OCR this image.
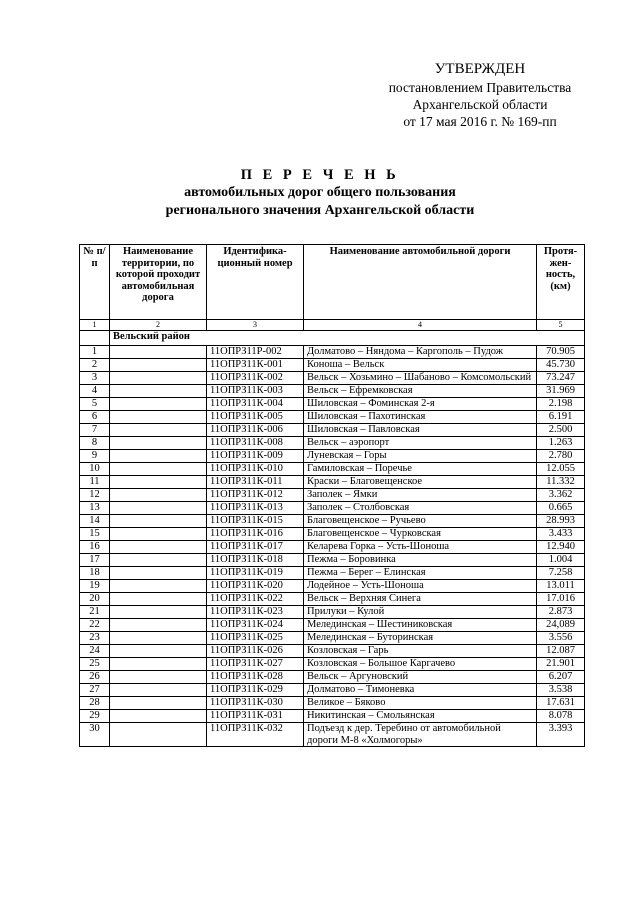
УТВЕРЖДЕН
постановлением Правительства
Архангельской области
от 17 мая 2016 г. № 169-пп
П Е Р Е Ч Е Н Ь
автомобильных дорог общего пользования
регионального значения Архангельской области
№ п/п	Наименование территории, по которой проходит автомобильная дорога	Идентифика-ционный номер	Наименование автомобильной дороги	Протя-жен-ность, (км)
1	2	3	4	5
	Вельский район			
1		11ОПРЗ11Р-002	Долматово – Няндома – Каргополь – Пудож	70.905
2		11ОПРЗ11К-001	Коноша – Вельск	45.730
3		11ОПРЗ11К-002	Вельск – Хозьмино – Шабаново – Комсомольский	73.247
4		11ОПРЗ11К-003	Вельск – Ефремковская	31.969
5		11ОПРЗ11К-004	Шиловская – Фоминская 2-я	2.198
6		11ОПРЗ11К-005	Шиловская – Пахотинская	6.191
7		11ОПРЗ11К-006	Шиловская – Павловская	2.500
8		11ОПРЗ11К-008	Вельск – аэропорт	1.263
9		11ОПРЗ11К-009	Луневская – Горы	2.780
10		11ОПРЗ11К-010	Гамиловская – Поречье	12.055
11		11ОПРЗ11К-011	Краски – Благовещенское	11.332
12		11ОПРЗ11К-012	Заполек – Ямки	3.362
13		11ОПРЗ11К-013	Заполек – Столбовская	0.665
14		11ОПРЗ11К-015	Благовещенское – Ручьево	28.993
15		11ОПРЗ11К-016	Благовещенское – Чурковская	3.433
16		11ОПРЗ11К-017	Келарева Горка – Усть-Шоноша	12.940
17		11ОПРЗ11К-018	Пежма – Боровинка	1.004
18		11ОПРЗ11К-019	Пежма – Берег – Елинская	7.258
19		11ОПРЗ11К-020	Лодейное – Усть-Шоноша	13.011
20		11ОПРЗ11К-022	Вельск – Верхняя Синега	17.016
21		11ОПРЗ11К-023	Прилуки – Кулой	2.873
22		11ОПРЗ11К-024	Мелединская – Шестиниковская	24,089
23		11ОПРЗ11К-025	Мелединская – Буторинская	3.556
24		11ОПРЗ11К-026	Козловская – Гарь	12.087
25		11ОПРЗ11К-027	Козловская – Большое Каргачево	21.901
26		11ОПРЗ11К-028	Вельск – Аргуновский	6.207
27		11ОПРЗ11К-029	Долматово – Тимоневка	3.538
28		11ОПРЗ11К-030	Великое – Бяково	17.631
29		11ОПРЗ11К-031	Никитинская – Смольянская	8.078
30		11ОПРЗ11К-032	Подъезд к дер. Теребино от автомобильной дороги М-8 «Холмогоры»	3.393
